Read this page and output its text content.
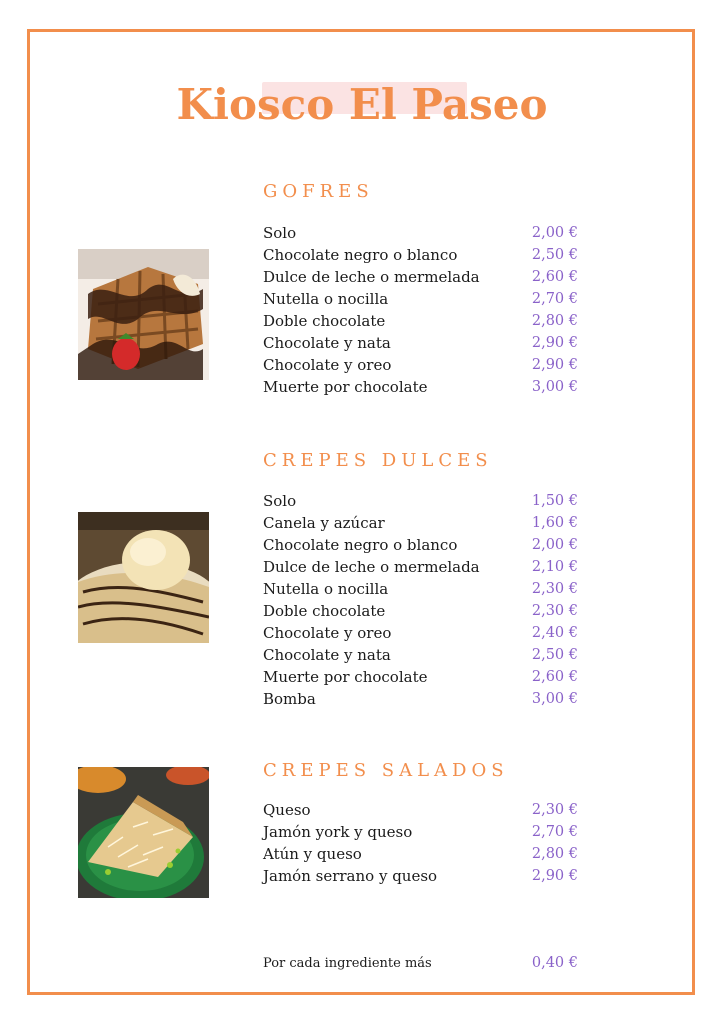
Kiosco El Paseo
GOFRES
Solo	2,00 €
Chocolate negro o blanco	2,50 €
Dulce de leche o mermelada	2,60 €
Nutella o nocilla	2,70 €
Doble chocolate	2,80 €
Chocolate y nata	2,90 €
Chocolate y oreo	2,90 €
Muerte por chocolate	3,00 €
CREPES DULCES
Solo	1,50 €
Canela y azúcar	1,60 €
Chocolate negro o blanco	2,00 €
Dulce de leche o mermelada	2,10 €
Nutella o nocilla	2,30 €
Doble chocolate	2,30 €
Chocolate y oreo	2,40 €
Chocolate y nata	2,50 €
Muerte por chocolate	2,60 €
Bomba	3,00 €
CREPES SALADOS
Queso	2,30 €
Jamón york y queso	2,70 €
Atún y queso	2,80 €
Jamón serrano y queso	2,90 €
Por cada ingrediente más	0,40 €
